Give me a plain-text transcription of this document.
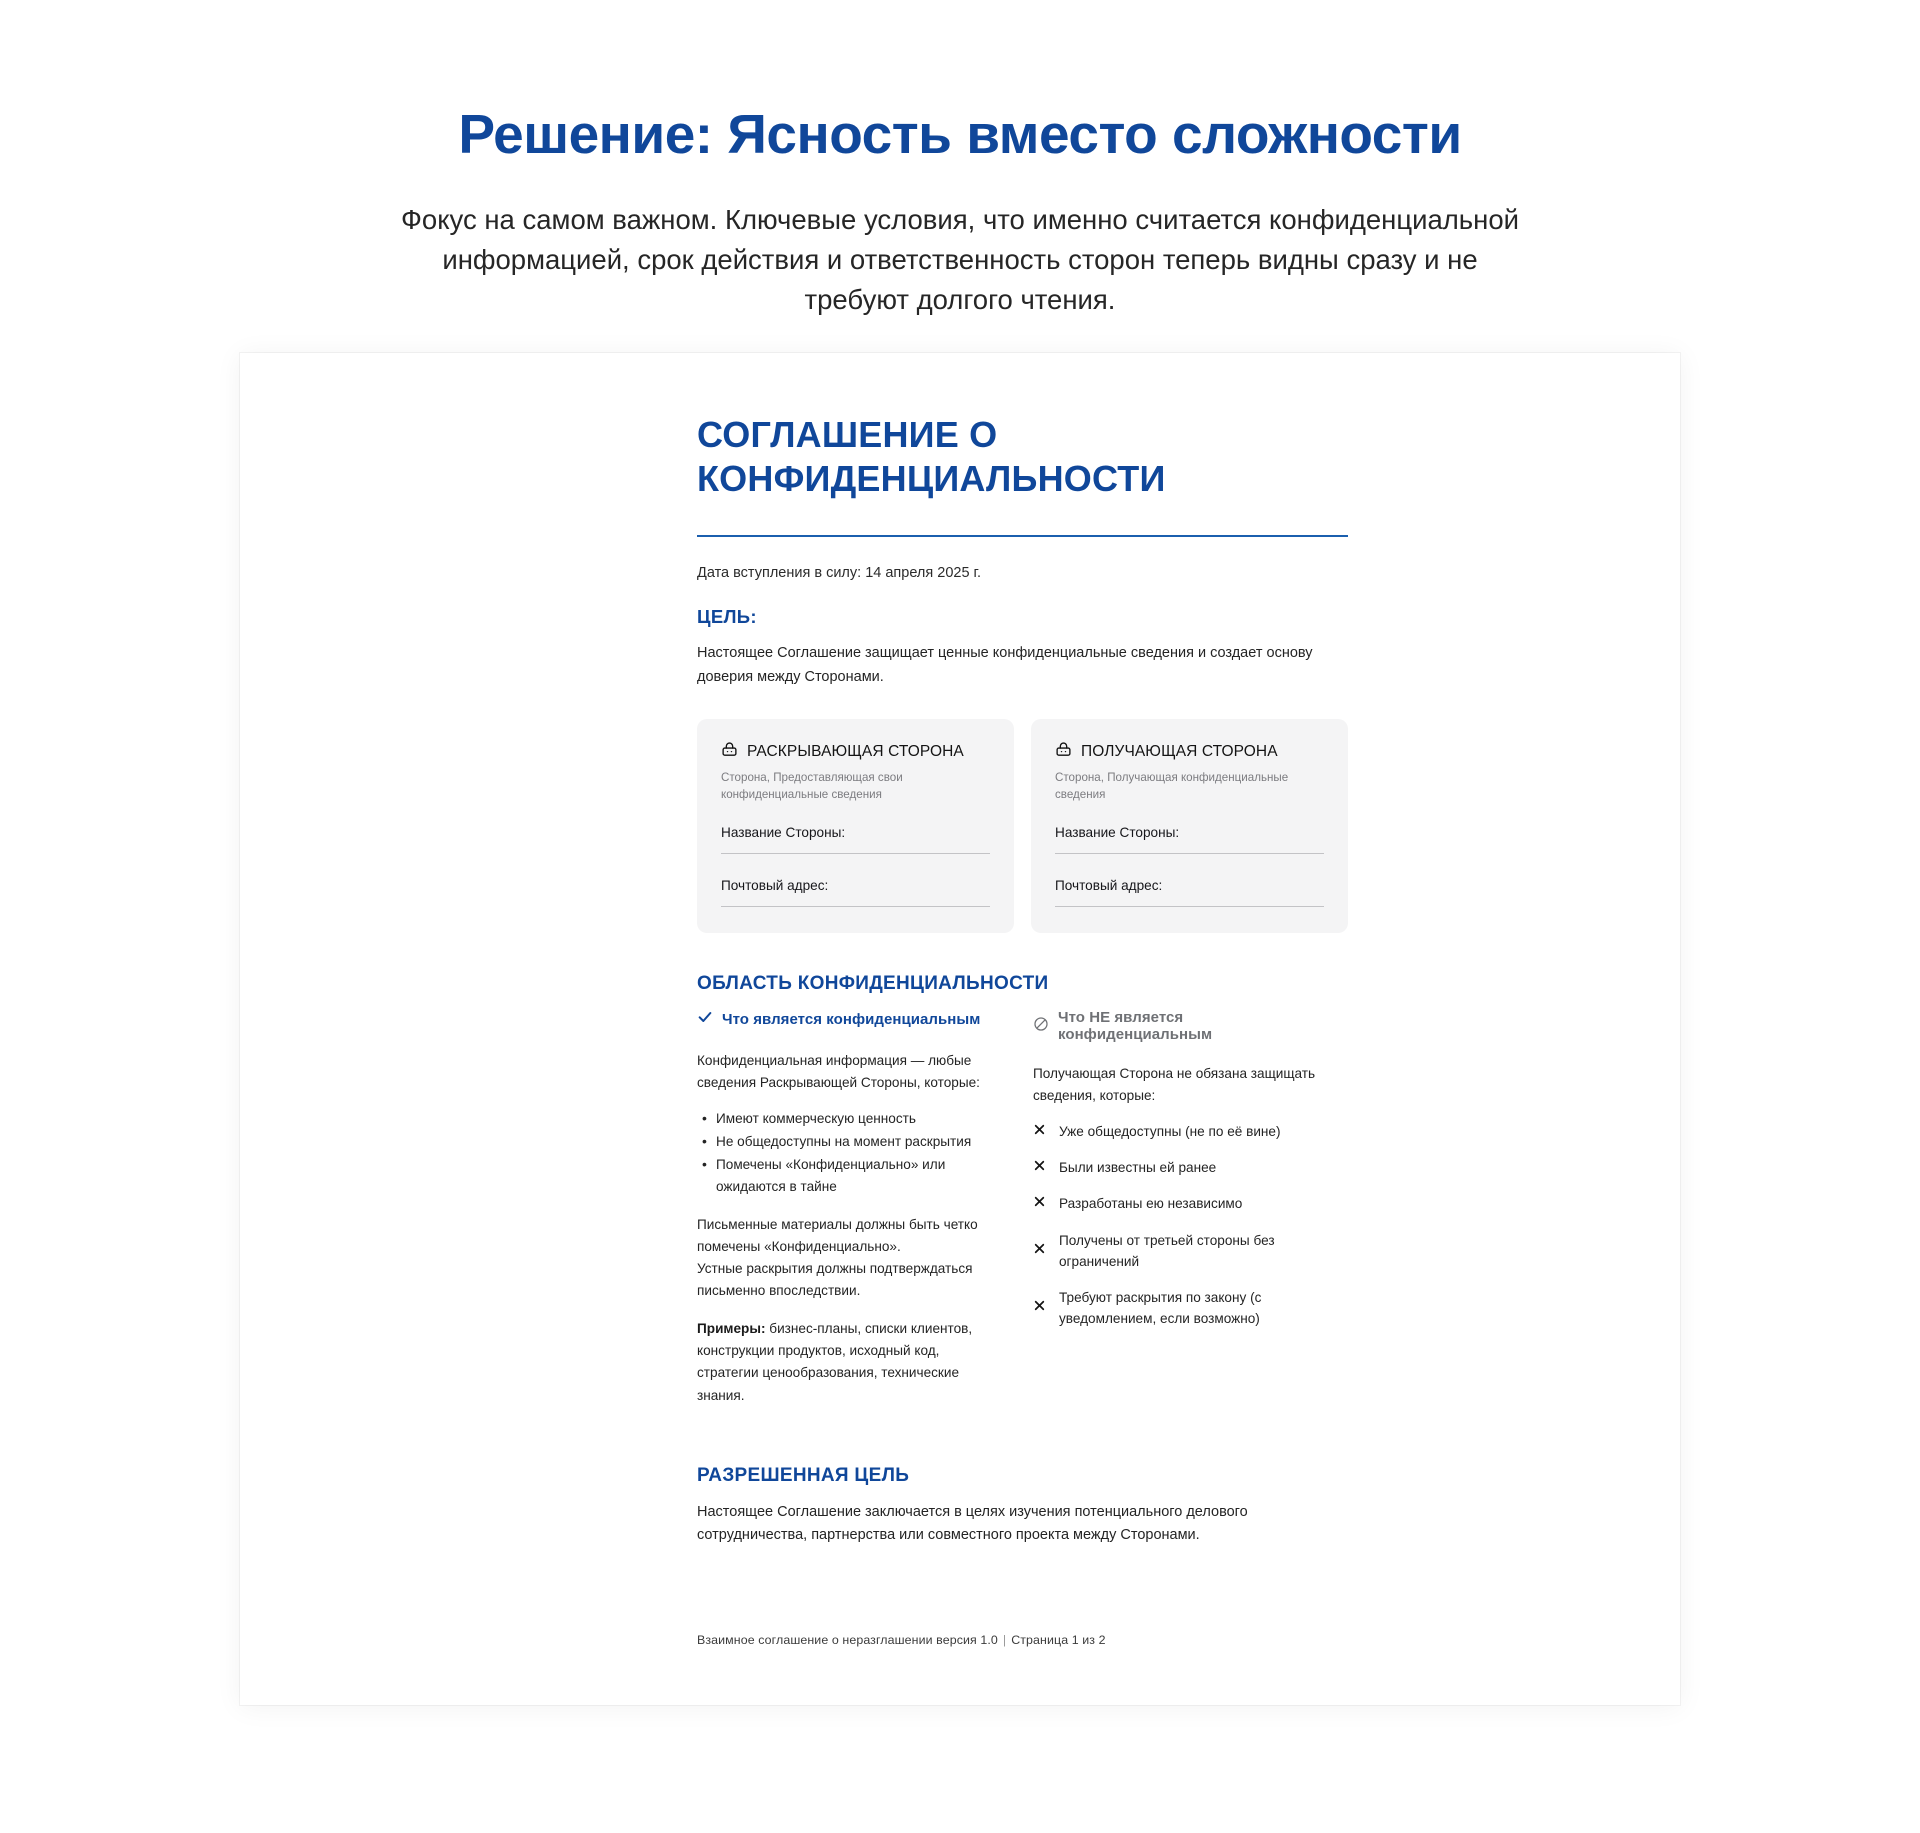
Решение: Ясность вместо сложности

Фокус на самом важном. Ключевые условия, что именно считается конфиденциальной информацией, срок действия и ответственность сторон теперь видны сразу и не требуют долгого чтения.

СОГЛАШЕНИЕ О КОНФИДЕНЦИАЛЬНОСТИ

Дата вступления в силу: 14 апреля 2025 г.

ЦЕЛЬ:

Настоящее Соглашение защищает ценные конфиденциальные сведения и создает основу доверия между Сторонами.

РАСКРЫВАЮЩАЯ СТОРОНА

Сторона, Предоставляющая свои конфиденциальные сведения

Название Стороны:

Почтовый адрес:

ПОЛУЧАЮЩАЯ СТОРОНА

Сторона, Получающая конфиденциальные сведения

Название Стороны:

Почтовый адрес:

ОБЛАСТЬ КОНФИДЕНЦИАЛЬНОСТИ
Что является конфиденциальным

Конфиденциальная информация — любые сведения Раскрывающей Стороны, которые:

• Имеют коммерческую ценность
• Не общедоступны на момент раскрытия
• Помечены «Конфиденциально» или ожидаются в тайне
Письменные материалы должны быть четко
помечены «Конфиденциально».
Устные раскрытия должны подтверждаться
письменно впоследствии.

Примеры: бизнес-планы, списки клиентов, конструкции продуктов, исходный код, стратегии ценообразования, технические знания.

Что НЕ является конфиденциальным

Получающая Сторона не обязана защищать сведения, которые:

Уже общедоступны (не по её вине)
Были известны ей ранее
Разработаны ею независимо
Получены от третьей стороны без ограничений
Требуют раскрытия по закону (с уведомлением, если возможно)
РАЗРЕШЕННАЯ ЦЕЛЬ

Настоящее Соглашение заключается в целях изучения потенциального делового сотрудничества, партнерства или совместного проекта между Сторонами.

Взаимное соглашение о неразглашении версия 1.0 | Страница 1 из 2
